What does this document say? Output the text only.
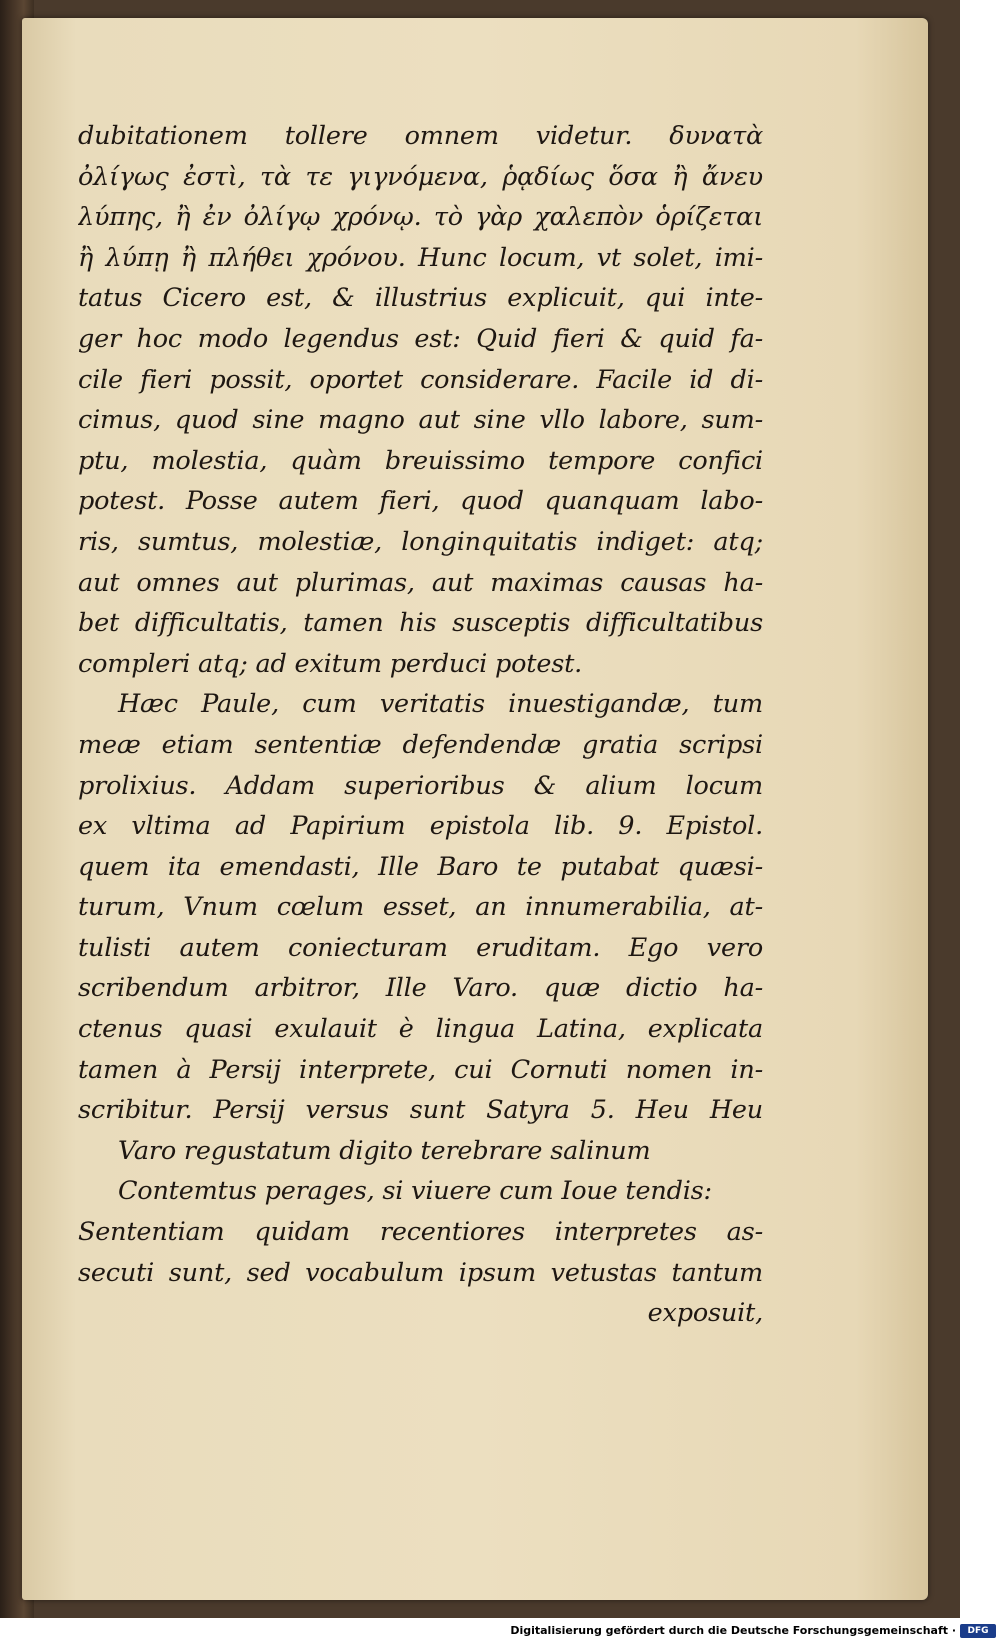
dubitationem tollere omnem videtur. δυνατὰ
ὀλίγως ἐστὶ, τὰ τε γιγνόμενα, ῥᾳδίως ὅσα ἢ ἄνευ
λύπης, ἢ ἐν ὀλίγῳ χρόνῳ. τὸ γὰρ χαλεπὸν ὁρίζεται
ἢ λύπῃ ἢ πλήθει χρόνου. Hunc locum, vt solet, imi-
tatus Cicero est, & illustrius explicuit, qui inte-
ger hoc modo legendus est: Quid fieri & quid fa-
cile fieri possit, oportet considerare. Facile id di-
cimus, quod sine magno aut sine vllo labore, sum-
ptu, molestia, quàm breuissimo tempore confici
potest. Posse autem fieri, quod quanquam labo-
ris, sumtus, molestiæ, longinquitatis indiget: atq;
aut omnes aut plurimas, aut maximas causas ha-
bet difficultatis, tamen his susceptis difficultatibus
compleri atq; ad exitum perduci potest.
Hæc Paule, cum veritatis inuestigandæ, tum
meæ etiam sententiæ defendendæ gratia scripsi
prolixius. Addam superioribus & alium locum
ex vltima ad Papirium epistola lib. 9. Epistol.
quem ita emendasti, Ille Baro te putabat quæsi-
turum, Vnum cœlum esset, an innumerabilia, at-
tulisti autem coniecturam eruditam. Ego vero
scribendum arbitror, Ille Varo. quæ dictio ha-
ctenus quasi exulauit è lingua Latina, explicata
tamen à Persij interprete, cui Cornuti nomen in-
scribitur. Persij versus sunt Satyra 5. Heu Heu
Varo regustatum digito terebrare salinum
Contemtus perages, si viuere cum Ioue tendis:
Sententiam quidam recentiores interpretes as-
secuti sunt, sed vocabulum ipsum vetustas tantum
exposuit,
Digitalisierung gefördert durch die Deutsche Forschungsgemeinschaft ·	DFG
